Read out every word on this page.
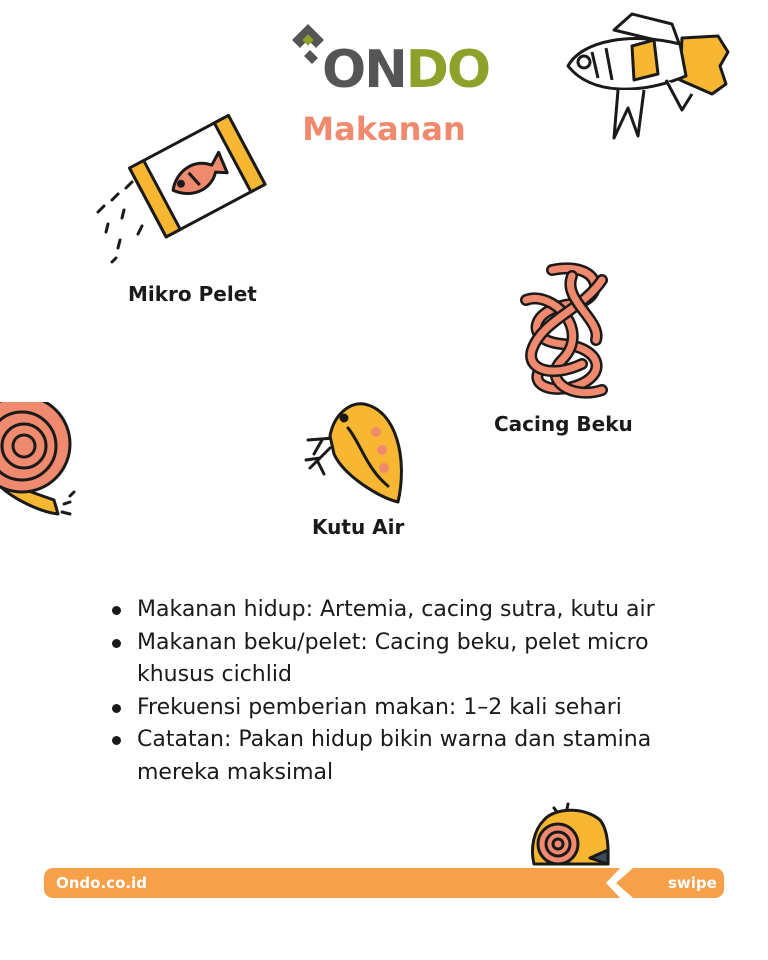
ONDO
Makanan
Mikro Pelet
Cacing Beku
Kutu Air
Makanan hidup: Artemia, cacing sutra, kutu air
Makanan beku/pelet: Cacing beku, pelet micro khusus cichlid
Frekuensi pemberian makan: 1–2 kali sehari
Catatan: Pakan hidup bikin warna dan stamina mereka maksimal
Ondo.co.id	swipe
